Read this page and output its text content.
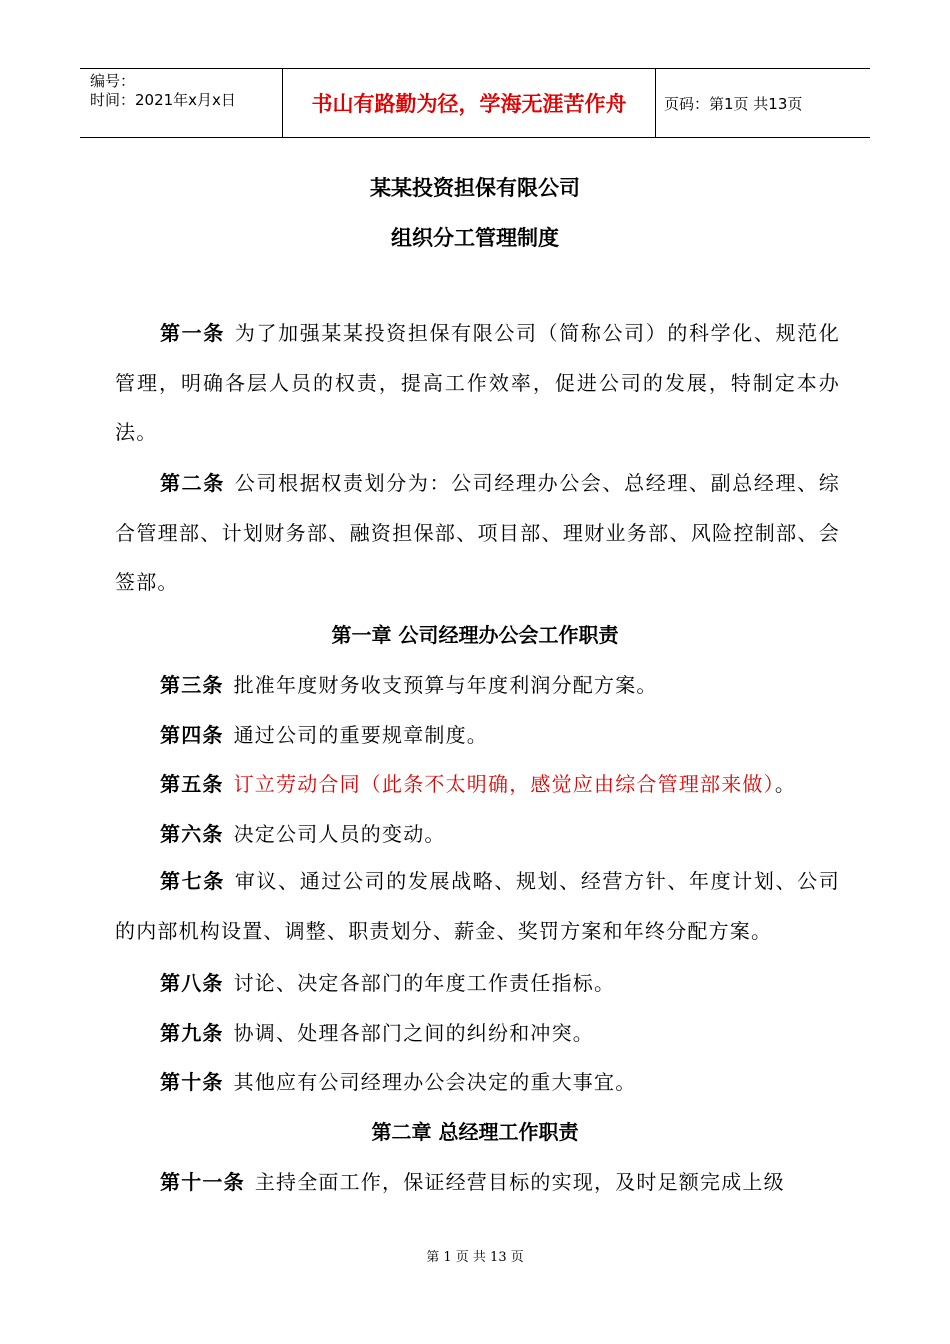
编号：
时间：2021年x月x日	书山有路勤为径，学海无涯苦作舟	页码：第1页 共13页
某某投资担保有限公司
组织分工管理制度
第一条 为了加强某某投资担保有限公司（简称公司）的科学化、规范化管理，明确各层人员的权责，提高工作效率，促进公司的发展，特制定本办法。
第二条 公司根据权责划分为：公司经理办公会、总经理、副总经理、综合管理部、计划财务部、融资担保部、项目部、理财业务部、风险控制部、会签部。
第一章 公司经理办公会工作职责
第三条 批准年度财务收支预算与年度利润分配方案。
第四条 通过公司的重要规章制度。
第五条 订立劳动合同（此条不太明确，感觉应由综合管理部来做）。
第六条 决定公司人员的变动。
第七条 审议、通过公司的发展战略、规划、经营方针、年度计划、公司的内部机构设置、调整、职责划分、薪金、奖罚方案和年终分配方案。
第八条 讨论、决定各部门的年度工作责任指标。
第九条 协调、处理各部门之间的纠纷和冲突。
第十条 其他应有公司经理办公会决定的重大事宜。
第二章 总经理工作职责
第十一条 主持全面工作，保证经营目标的实现，及时足额完成上级
第 1 页 共 13 页
